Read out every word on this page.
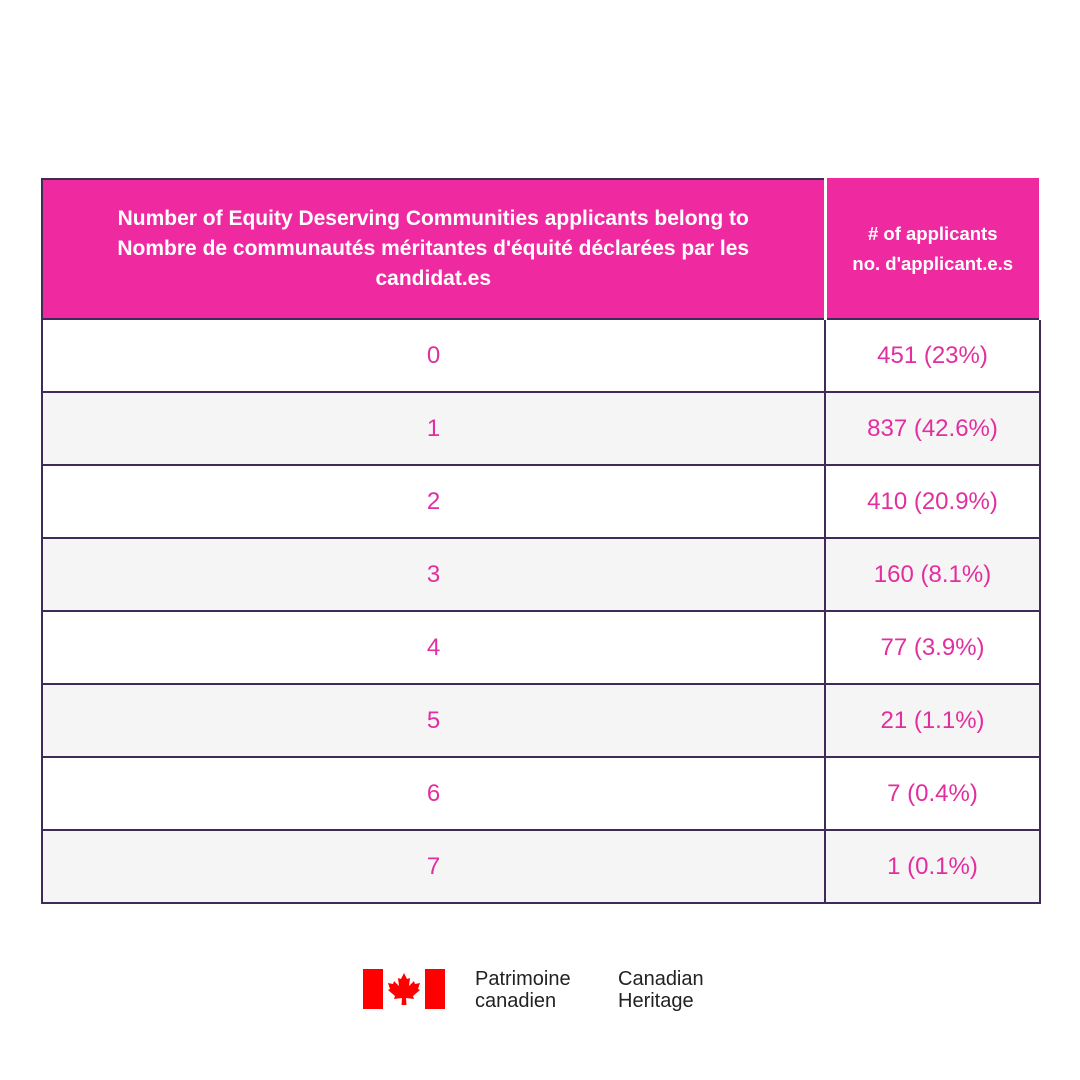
Number of Equity Deserving Communities applicants belong to
Nombre de communautés méritantes d'équité déclarées par les
candidat.es	# of applicants
no. d'applicant.e.s

0	451 (23%)
1	837 (42.6%)
2	410 (20.9%)
3	160 (8.1%)
4	77 (3.9%)
5	21 (1.1%)
6	7 (0.4%)
7	1 (0.1%)
Patrimoine
canadien
Canadian
Heritage
